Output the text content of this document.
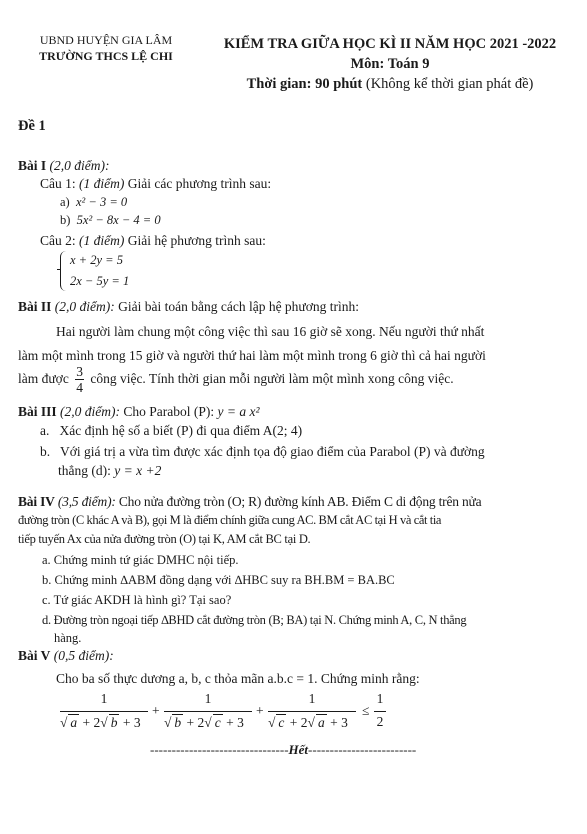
UBND HUYỆN GIA LÂM
TRƯỜNG THCS LỆ CHI
KIỂM TRA GIỮA HỌC KÌ II NĂM HỌC 2021 -2022
Môn: Toán 9
Thời gian: 90 phút (Không kể thời gian phát đề)
Đề 1
Bài I (2,0 điểm):
Câu 1: (1 điểm) Giải các phương trình sau:
a) x² − 3 = 0
b) 5x² − 8x − 4 = 0
Câu 2: (1 điểm) Giải hệ phương trình sau:
x + 2y = 5
2x − 5y = 1
Bài II (2,0 điểm): Giải bài toán bằng cách lập hệ phương trình:
Hai người làm chung một công việc thì sau 16 giờ sẽ xong. Nếu người thứ nhất
làm một mình trong 15 giờ và người thứ hai làm một mình trong 6 giờ thì cả hai người
làm được $\frac{3}{4}$ công việc. Tính thời gian mỗi người làm một mình xong công việc.
Bài III (2,0 điểm): Cho Parabol (P): y = a x²
a. Xác định hệ số a biết (P) đi qua điểm A(2; 4)
b. Với giá trị a vừa tìm được xác định tọa độ giao điểm của Parabol (P) và đường
thẳng (d): y = x +2
Bài IV (3,5 điểm): Cho nửa đường tròn (O; R) đường kính AB. Điểm C di động trên nửa
đường tròn (C khác A và B), gọi M là điểm chính giữa cung AC. BM cắt AC tại H và cắt tia
tiếp tuyến Ax của nửa đường tròn (O) tại K, AM cắt BC tại D.
a. Chứng minh tứ giác DMHC nội tiếp.
b. Chứng minh ∆ABM đồng dạng với ∆HBC suy ra BH.BM = BA.BC
c. Tứ giác AKDH là hình gì? Tại sao?
d. Đường tròn ngoại tiếp ∆BHD cắt đường tròn (B; BA) tại N. Chứng minh A, C, N thẳng
hàng.
Bài V (0,5 điểm):
Cho ba số thực dương a, b, c thỏa mãn a.b.c = 1. Chứng minh rằng:
1
√ a + 2√ b + 3
+
1
√ b + 2√ c + 3
+
1
√ c + 2√ a + 3
≤
1
2
--------------------------------Hết-------------------------
